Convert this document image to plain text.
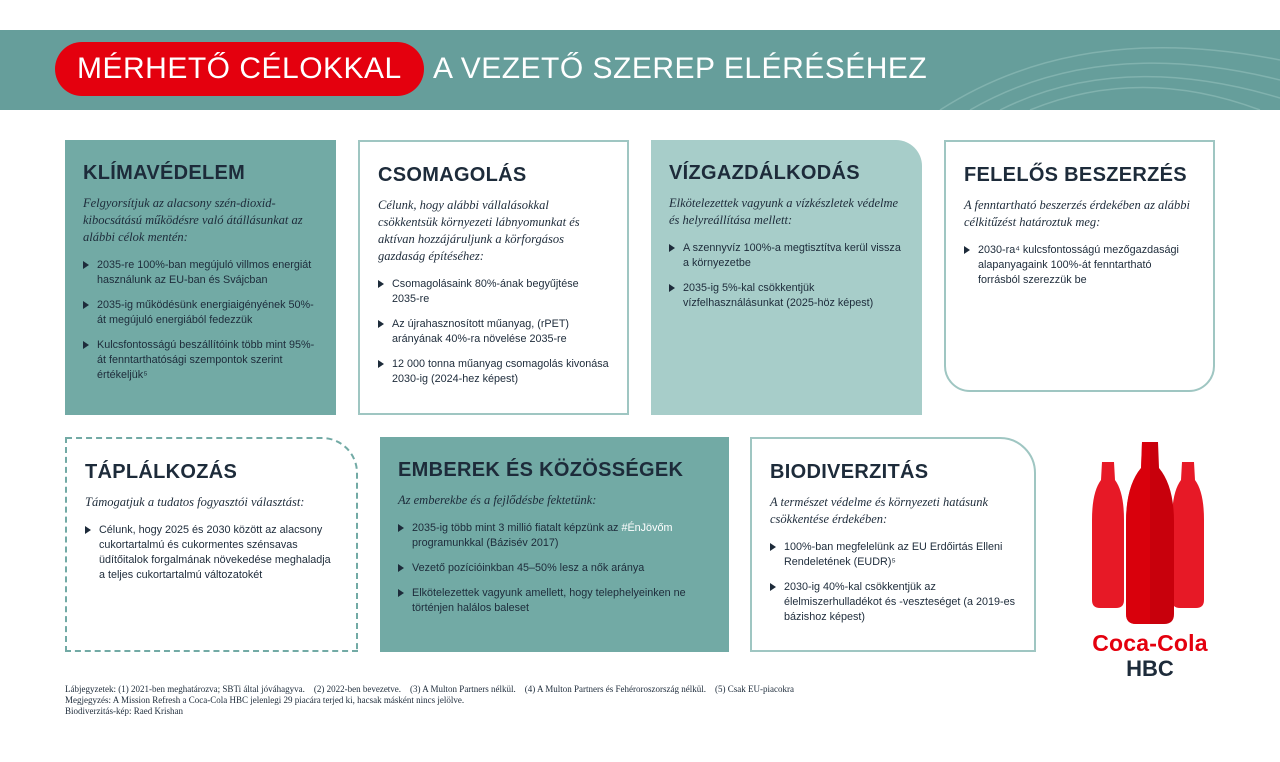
MÉRHETŐ CÉLOKKAL	A VEZETŐ SZEREP ELÉRÉSÉHEZ
KLÍMAVÉDELEM

Felgyorsítjuk az alacsony szén-dioxid-kibocsátású működésre való átállásunkat az alábbi célok mentén:

2035-re 100%-ban megújuló villmos energiát használunk az EU-ban és Svájcban
2035-ig működésünk energiaigényének 50%-át megújuló energiából fedezzük
Kulcsfontosságú beszállítóink több mint 95%-át fenntarthatósági szempontok szerint értékeljük⁵
CSOMAGOLÁS

Célunk, hogy alábbi vállalásokkal csökkentsük környezeti lábnyomunkat és aktívan hozzájáruljunk a körforgásos gazdaság építéséhez:

Csomagolásaink 80%-ának begyűjtése 2035-re
Az újrahasznosított műanyag, (rPET) arányának 40%-ra növelése 2035-re
12 000 tonna műanyag csomagolás kivonása 2030-ig (2024-hez képest)
VÍZGAZDÁLKODÁS

Elkötelezettek vagyunk a vízkészletek védelme és helyreállítása mellett:

A szennyvíz 100%-a megtisztítva kerül vissza a környezetbe
2035-ig 5%-kal csökkentjük vízfelhasználásunkat (2025-höz képest)
FELELŐS BESZERZÉS

A fenntartható beszerzés érdekében az alábbi célkitűzést határoztuk meg:

2030-ra⁴ kulcsfontosságú mezőgazdasági alapanyagaink 100%-át fenntartható forrásból szerezzük be
TÁPLÁLKOZÁS

Támogatjuk a tudatos fogyasztói választást:

Célunk, hogy 2025 és 2030 között az alacsony cukortartalmú és cukormentes szénsavas üdítőitalok forgalmának növekedése meghaladja a teljes cukortartalmú változatokét
EMBEREK ÉS KÖZÖSSÉGEK

Az emberekbe és a fejlődésbe fektetünk:

2035-ig több mint 3 millió fiatalt képzünk az #ÉnJövőm programunkkal (Bázisév 2017)
Vezető pozícióinkban 45–50% lesz a nők aránya
Elkötelezettek vagyunk amellett, hogy telephelyeinken ne történjen halálos baleset
BIODIVERZITÁS

A természet védelme és környezeti hatásunk csökkentése érdekében:

100%-ban megfelelünk az EU Erdőirtás Elleni Rendeletének (EUDR)⁵
2030-ig 40%-kal csökkentjük az élelmiszerhulladékot és -veszteséget (a 2019-es bázishoz képest)
Coca-Cola
HBC
Lábjegyzetek: (1) 2021-ben meghatározva; SBTi által jóváhagyva.    (2) 2022-ben bevezetve.    (3) A Multon Partners nélkül.    (4) A Multon Partners és Fehéroroszország nélkül.    (5) Csak EU-piacokra
Megjegyzés: A Mission Refresh a Coca-Cola HBC jelenlegi 29 piacára terjed ki, hacsak másként nincs jelölve.
Biodiverzitás-kép: Raed Krishan
